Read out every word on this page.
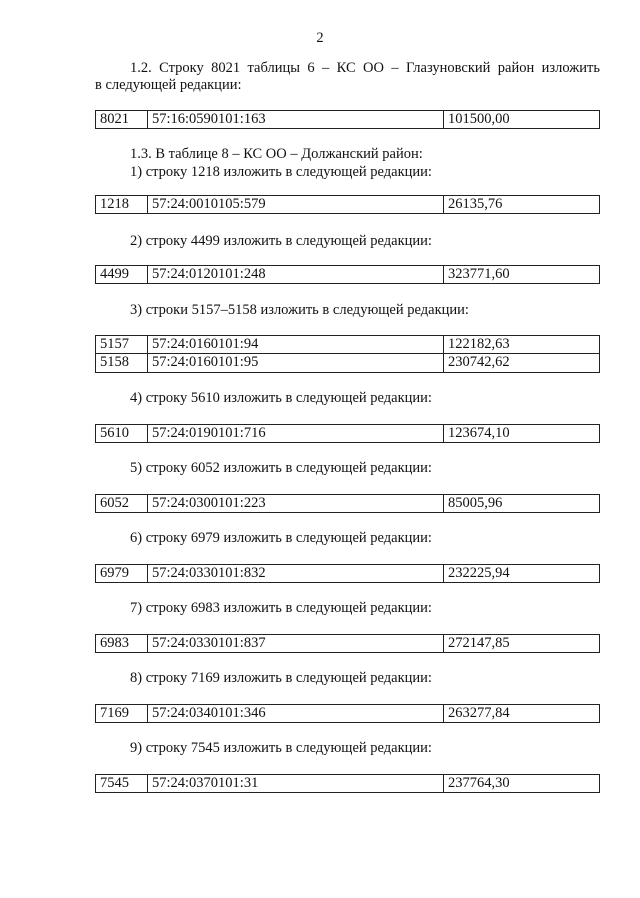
2

1.2. Строку 8021 таблицы 6 – КС ОО – Глазуновский район изложить
в следующей редакции:

8021	57:16:0590101:163	101500,00

1.3. В таблице 8 – КС ОО – Должанский район:

1) строку 1218 изложить в следующей редакции:

1218	57:24:0010105:579	26135,76

2) строку 4499 изложить в следующей редакции:

4499	57:24:0120101:248	323771,60

3) строки 5157–5158 изложить в следующей редакции:

5157	57:24:0160101:94	122182,63
5158	57:24:0160101:95	230742,62

4) строку 5610 изложить в следующей редакции:

5610	57:24:0190101:716	123674,10

5) строку 6052 изложить в следующей редакции:

6052	57:24:0300101:223	85005,96

6) строку 6979 изложить в следующей редакции:

6979	57:24:0330101:832	232225,94

7) строку 6983 изложить в следующей редакции:

6983	57:24:0330101:837	272147,85

8) строку 7169 изложить в следующей редакции:

7169	57:24:0340101:346	263277,84

9) строку 7545 изложить в следующей редакции:

7545	57:24:0370101:31	237764,30
